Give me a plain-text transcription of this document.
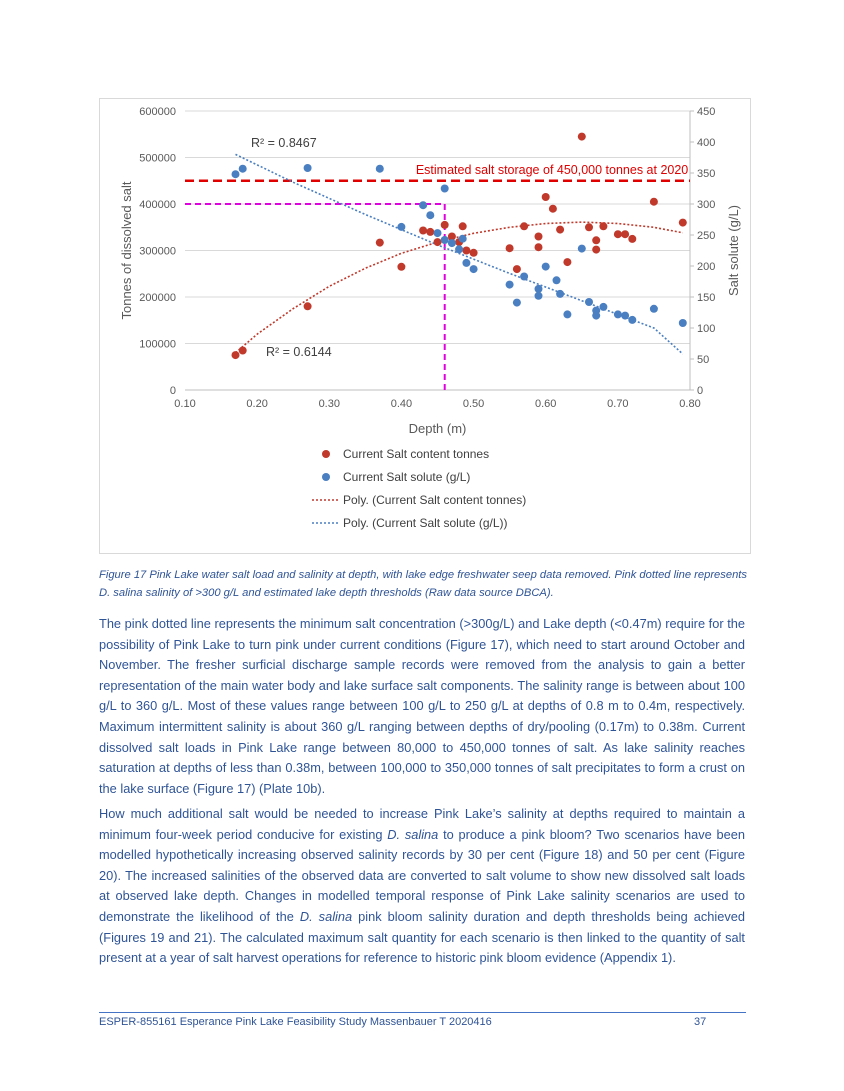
0.10	0.20	0.30	0.40	0.50	0.60	0.70	0.80
0
100000
200000
300000
400000
500000
600000
0
50
100
150
200
250
300
350
400
450
Depth (m)
Tonnes of dissolved salt	Salt solute (g/L)
Estimated salt storage of 450,000 tonnes at 2020
R² = 0.8467
R² = 0.6144
Current Salt content tonnes
Current Salt solute (g/L)
Poly. (Current Salt content tonnes)
Poly. (Current Salt solute (g/L))
Figure 17 Pink Lake water salt load and salinity at depth, with lake edge freshwater seep data removed. Pink dotted line represents D. salina salinity of >300 g/L and estimated lake depth thresholds (Raw data source DBCA).

The pink dotted line represents the minimum salt concentration (>300g/L) and Lake depth (<0.47m) require for the possibility of Pink Lake to turn pink under current conditions (Figure 17), which need to start around October and November. The fresher surficial discharge sample records were removed from the analysis to gain a better representation of the main water body and lake surface salt components. The salinity range is between about 100 g/L to 360 g/L. Most of these values range between 100 g/L to 250 g/L at depths of 0.8 m to 0.4m, respectively. Maximum intermittent salinity is about 360 g/L ranging between depths of dry/pooling (0.17m) to 0.38m. Current dissolved salt loads in Pink Lake range between 80,000 to 450,000 tonnes of salt. As lake salinity reaches saturation at depths of less than 0.38m, between 100,000 to 350,000 tonnes of salt precipitates to form a crust on the lake surface (Figure 17) (Plate 10b).

How much additional salt would be needed to increase Pink Lake’s salinity at depths required to maintain a minimum four-week period conducive for existing D. salina to produce a pink bloom? Two scenarios have been modelled hypothetically increasing observed salinity records by 30 per cent (Figure 18) and 50 per cent (Figure 20). The increased salinities of the observed data are converted to salt volume to show new dissolved salt loads at observed lake depth. Changes in modelled temporal response of Pink Lake salinity scenarios are used to demonstrate the likelihood of the D. salina pink bloom salinity duration and depth thresholds being achieved (Figures 19 and 21). The calculated maximum salt quantity for each scenario is then linked to the quantity of salt present at a year of salt harvest operations for reference to historic pink bloom evidence (Appendix 1).

ESPER-855161 Esperance Pink Lake Feasibility Study Massenbauer T 2020416	37
